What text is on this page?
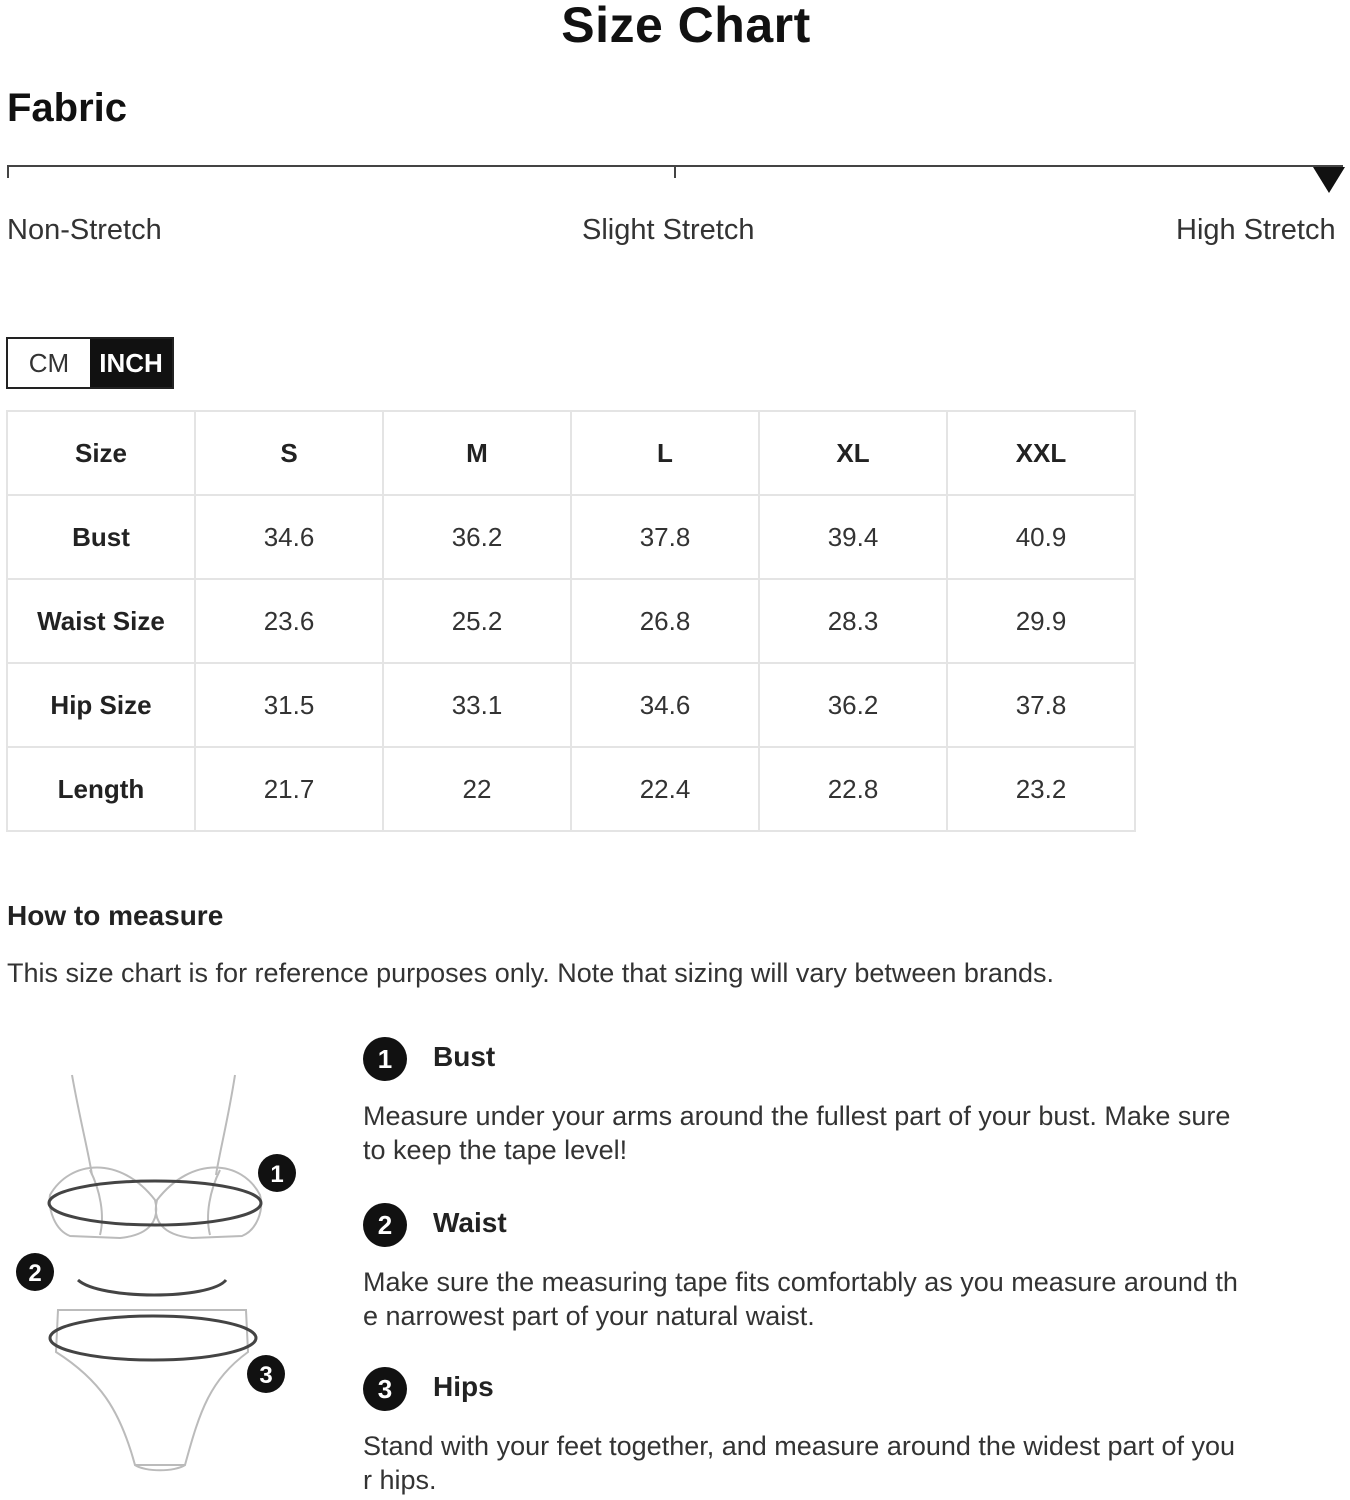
Size Chart
Fabric
Non-Stretch	Slight Stretch	High Stretch
CM	INCH
Size	S	M	L	XL	XXL
Bust	34.6	36.2	37.8	39.4	40.9
Waist Size	23.6	25.2	26.8	28.3	29.9
Hip Size	31.5	33.1	34.6	36.2	37.8
Length	21.7	22	22.4	22.8	23.2
How to measure
This size chart is for reference purposes only. Note that sizing will vary between brands.
1
2
3
1	Bust
Measure under your arms around the fullest part of your bust. Make sure to keep the tape level!
2	Waist
Make sure the measuring tape fits comfortably as you measure around the narrowest part of your natural waist.
3	Hips
Stand with your feet together, and measure around the widest part of your hips.
